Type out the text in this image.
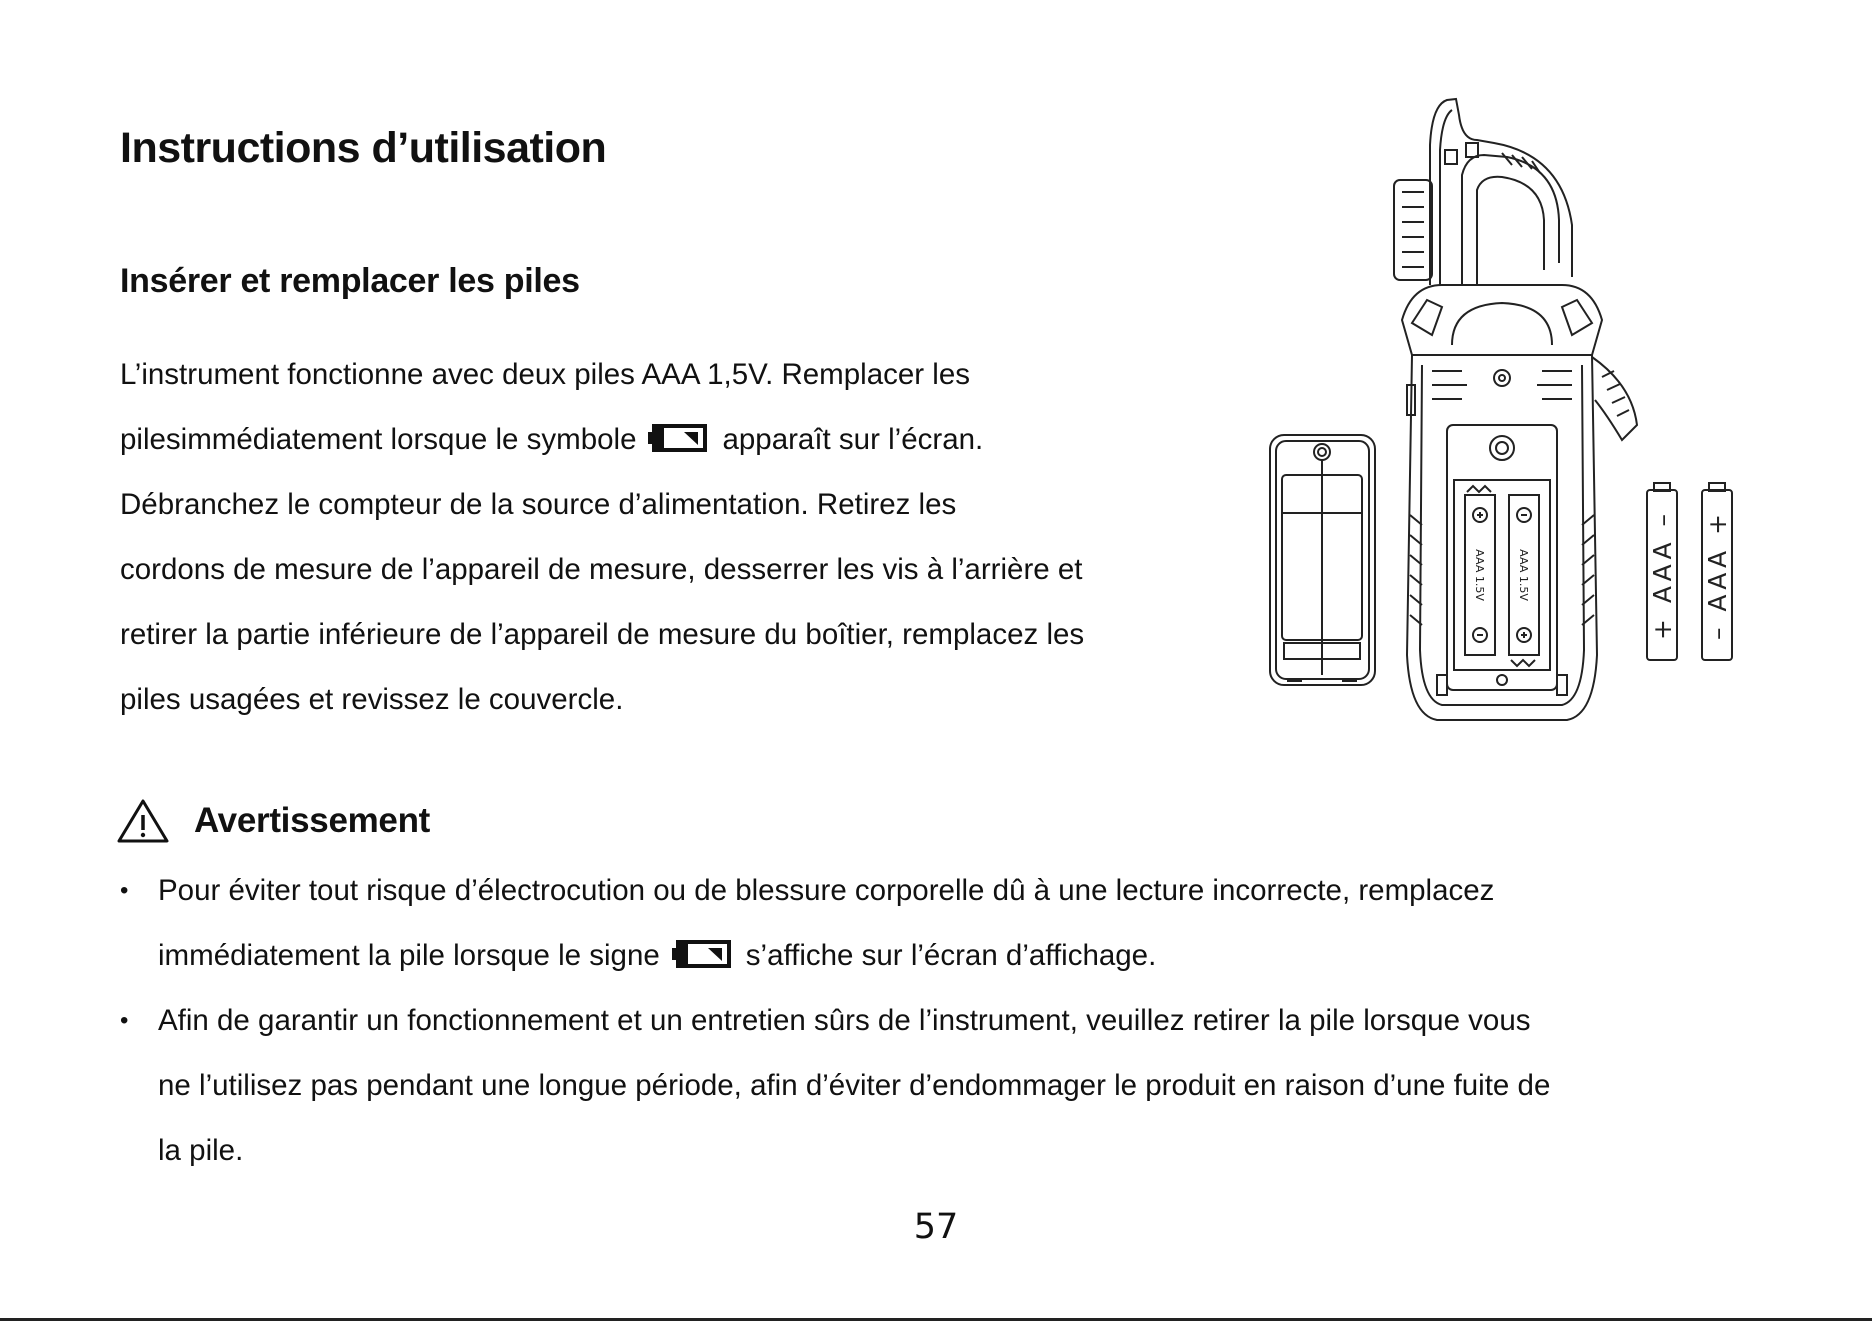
Instructions d’utilisation
Insérer et remplacer les piles
L’instrument fonctionne avec deux piles AAA 1,5V. Remplacer les
pilesimmédiatement lorsque le symbole	apparaît sur l’écran.
Débranchez le compteur de la source d’alimentation. Retirez les
cordons de mesure de l’appareil de mesure, desserrer les vis à l’arrière et
retirer la partie inférieure de l’appareil de mesure du boîtier, remplacez les
piles usagées et revissez le couvercle.
AAA 1.5V	AAA 1.5V	+ AAA – – AAA +
Avertissement
• Pour éviter tout risque d’électrocution ou de blessure corporelle dû à une lecture incorrecte, remplacez
immédiatement la pile lorsque le signe	s’affiche sur l’écran d’affichage.
• Afin de garantir un fonctionnement et un entretien sûrs de l’instrument, veuillez retirer la pile lorsque vous
ne l’utilisez pas pendant une longue période, afin d’éviter d’endommager le produit en raison d’une fuite de
la pile.
57
